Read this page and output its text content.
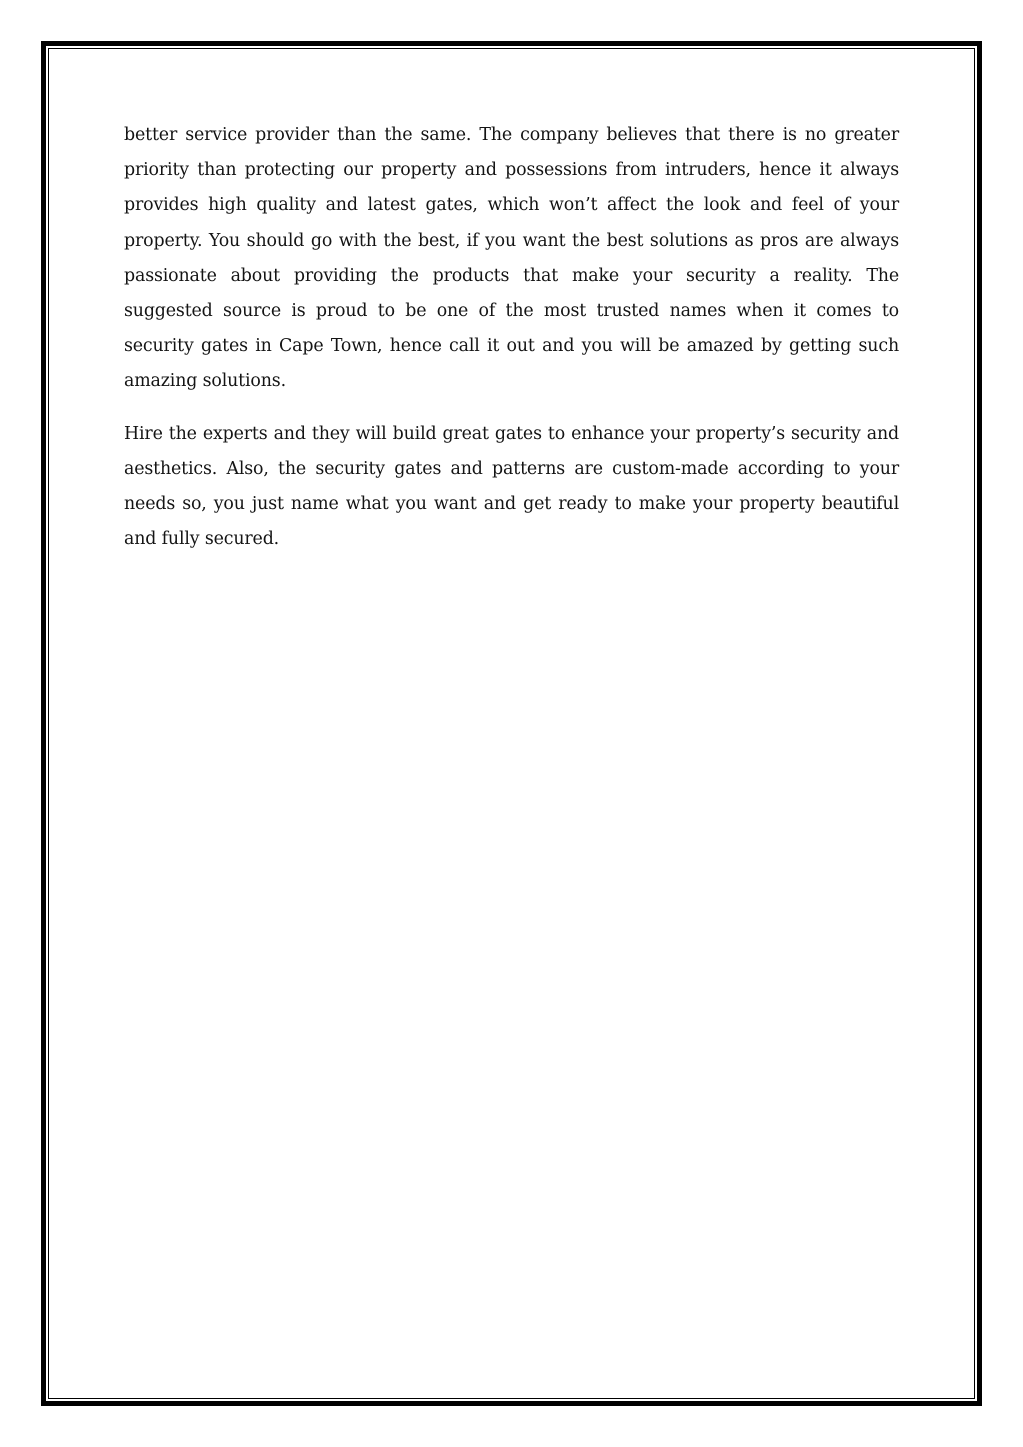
better service provider than the same. The company believes that there is no greater priority than protecting our property and possessions from intruders, hence it always provides high quality and latest gates, which won’t affect the look and feel of your property. You should go with the best, if you want the best solutions as pros are always passionate about providing the products that make your security a reality. The suggested source is proud to be one of the most trusted names when it comes to security gates in Cape Town, hence call it out and you will be amazed by getting such amazing solutions.

Hire the experts and they will build great gates to enhance your property’s security and aesthetics. Also, the security gates and patterns are custom-made according to your needs so, you just name what you want and get ready to make your property beautiful and fully secured.
